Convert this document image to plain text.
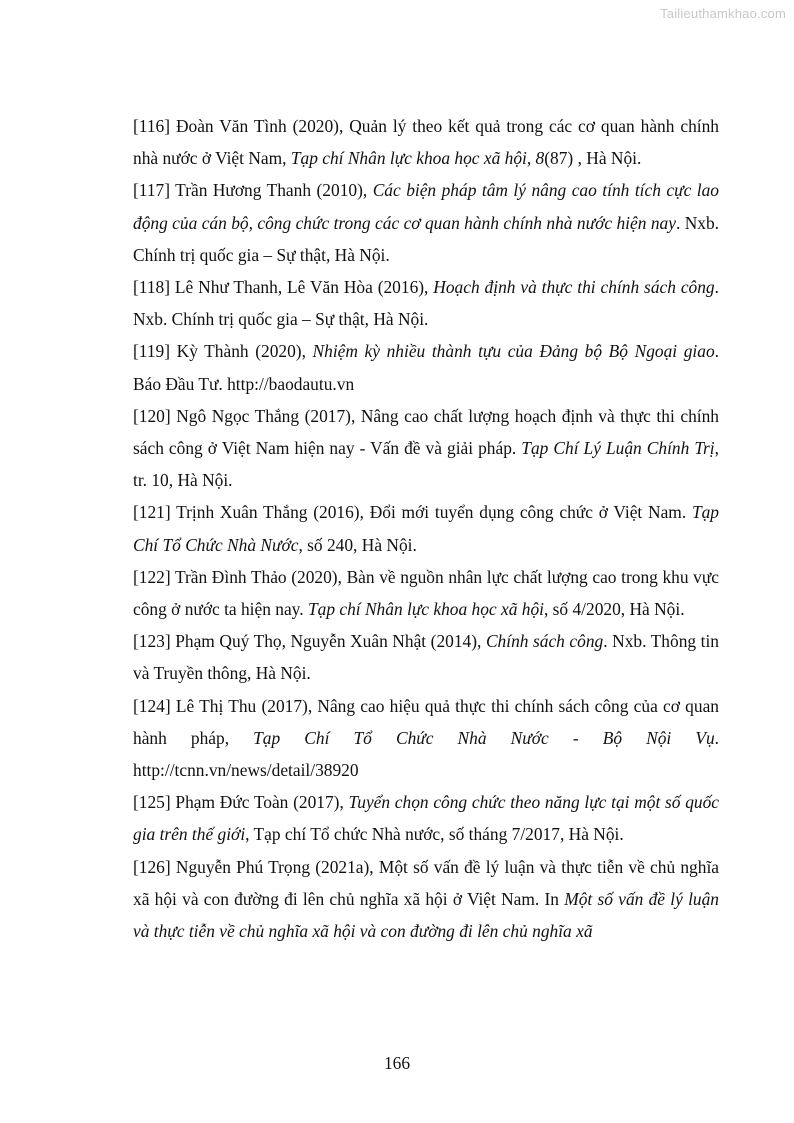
Tailieuthamkhao.com

[116] Đoàn Văn Tình (2020), Quản lý theo kết quả trong các cơ quan hành chính nhà nước ở Việt Nam, Tạp chí Nhân lực khoa học xã hội, 8(87) , Hà Nội.

[117] Trần Hương Thanh (2010), Các biện pháp tâm lý nâng cao tính tích cực lao động của cán bộ, công chức trong các cơ quan hành chính nhà nước hiện nay. Nxb. Chính trị quốc gia – Sự thật, Hà Nội.

[118] Lê Như Thanh, Lê Văn Hòa (2016), Hoạch định và thực thi chính sách công. Nxb. Chính trị quốc gia – Sự thật, Hà Nội.

[119] Kỳ Thành (2020), Nhiệm kỳ nhiều thành tựu của Đảng bộ Bộ Ngoại giao. Báo Đầu Tư. http://baodautu.vn

[120] Ngô Ngọc Thắng (2017), Nâng cao chất lượng hoạch định và thực thi chính sách công ở Việt Nam hiện nay - Vấn đề và giải pháp. Tạp Chí Lý Luận Chính Trị, tr. 10, Hà Nội.

[121] Trịnh Xuân Thắng (2016), Đổi mới tuyển dụng công chức ở Việt Nam. Tạp Chí Tổ Chức Nhà Nước, số 240, Hà Nội.

[122] Trần Đình Thảo (2020), Bàn về nguồn nhân lực chất lượng cao trong khu vực công ở nước ta hiện nay. Tạp chí Nhân lực khoa học xã hội, số 4/2020, Hà Nội.

[123] Phạm Quý Thọ, Nguyễn Xuân Nhật (2014), Chính sách công. Nxb. Thông tin và Truyền thông, Hà Nội.

[124] Lê Thị Thu (2017), Nâng cao hiệu quả thực thi chính sách công của cơ quan hành pháp, Tạp Chí Tổ Chức Nhà Nước - Bộ Nội Vụ. http://tcnn.vn/news/detail/38920

[125] Phạm Đức Toàn (2017), Tuyển chọn công chức theo năng lực tại một số quốc gia trên thế giới, Tạp chí Tổ chức Nhà nước, số tháng 7/2017, Hà Nội.

[126] Nguyễn Phú Trọng (2021a), Một số vấn đề lý luận và thực tiễn về chủ nghĩa xã hội và con đường đi lên chủ nghĩa xã hội ở Việt Nam. In Một số vấn đề lý luận và thực tiễn về chủ nghĩa xã hội và con đường đi lên chủ nghĩa xã

166
